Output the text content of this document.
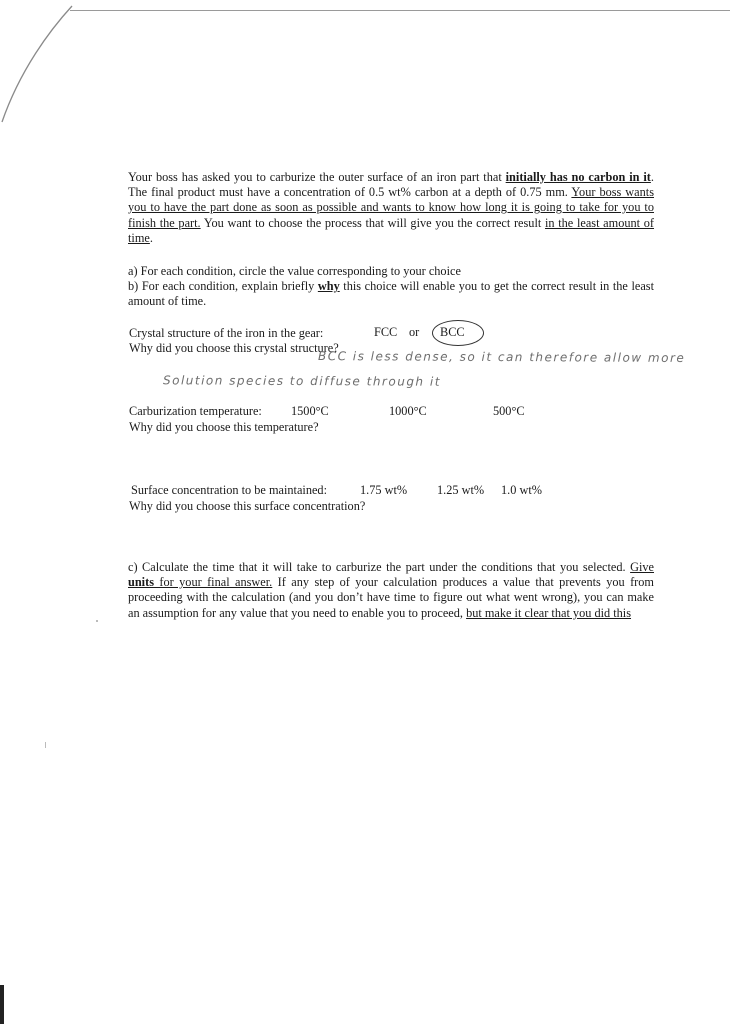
Your boss has asked you to carburize the outer surface of an iron part that initially has no carbon in it. The final product must have a concentration of 0.5 wt% carbon at a depth of 0.75 mm. Your boss wants you to have the part done as soon as possible and wants to know how long it is going to take for you to finish the part. You want to choose the process that will give you the correct result in the least amount of time.

a) For each condition, circle the value corresponding to your choice

b) For each condition, explain briefly why this choice will enable you to get the correct result in the least amount of time.

Crystal structure of the iron in the gear:	FCC or BCC

Why did you choose this crystal structure?

BCC is less dense, so it can therefore allow more

Solution species to diffuse through it

Carburization temperature: 1500°C	1000°C	500°C

Why did you choose this temperature?

Surface concentration to be maintained:	1.75 wt% 1.25 wt% 1.0 wt%

Why did you choose this surface concentration?

c) Calculate the time that it will take to carburize the part under the conditions that you selected. Give units for your final answer. If any step of your calculation produces a value that prevents you from proceeding with the calculation (and you don’t have time to figure out what went wrong), you can make an assumption for any value that you need to enable you to proceed, but make it clear that you did this
